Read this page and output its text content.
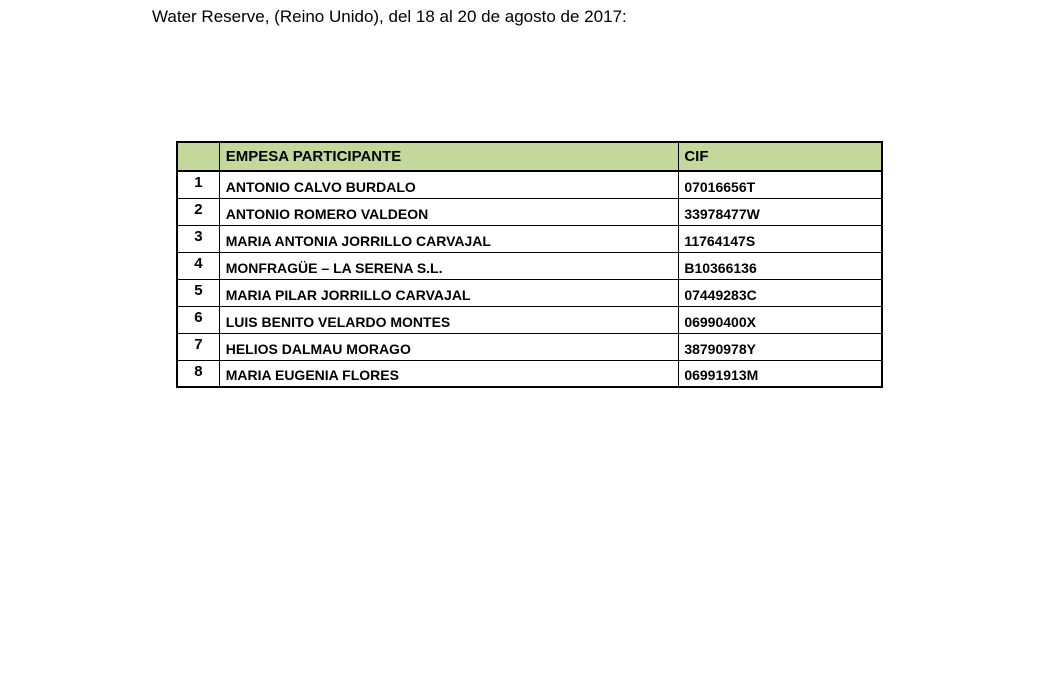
Water Reserve, (Reino Unido), del 18 al 20 de agosto de 2017:
	EMPESA PARTICIPANTE	CIF
1	ANTONIO CALVO BURDALO	07016656T
2	ANTONIO ROMERO VALDEON	33978477W
3	MARIA ANTONIA JORRILLO CARVAJAL	11764147S
4	MONFRAGÜE – LA SERENA S.L.	B10366136
5	MARIA PILAR JORRILLO CARVAJAL	07449283C
6	LUIS BENITO VELARDO MONTES	06990400X
7	HELIOS DALMAU MORAGO	38790978Y
8	MARIA EUGENIA FLORES	06991913M
